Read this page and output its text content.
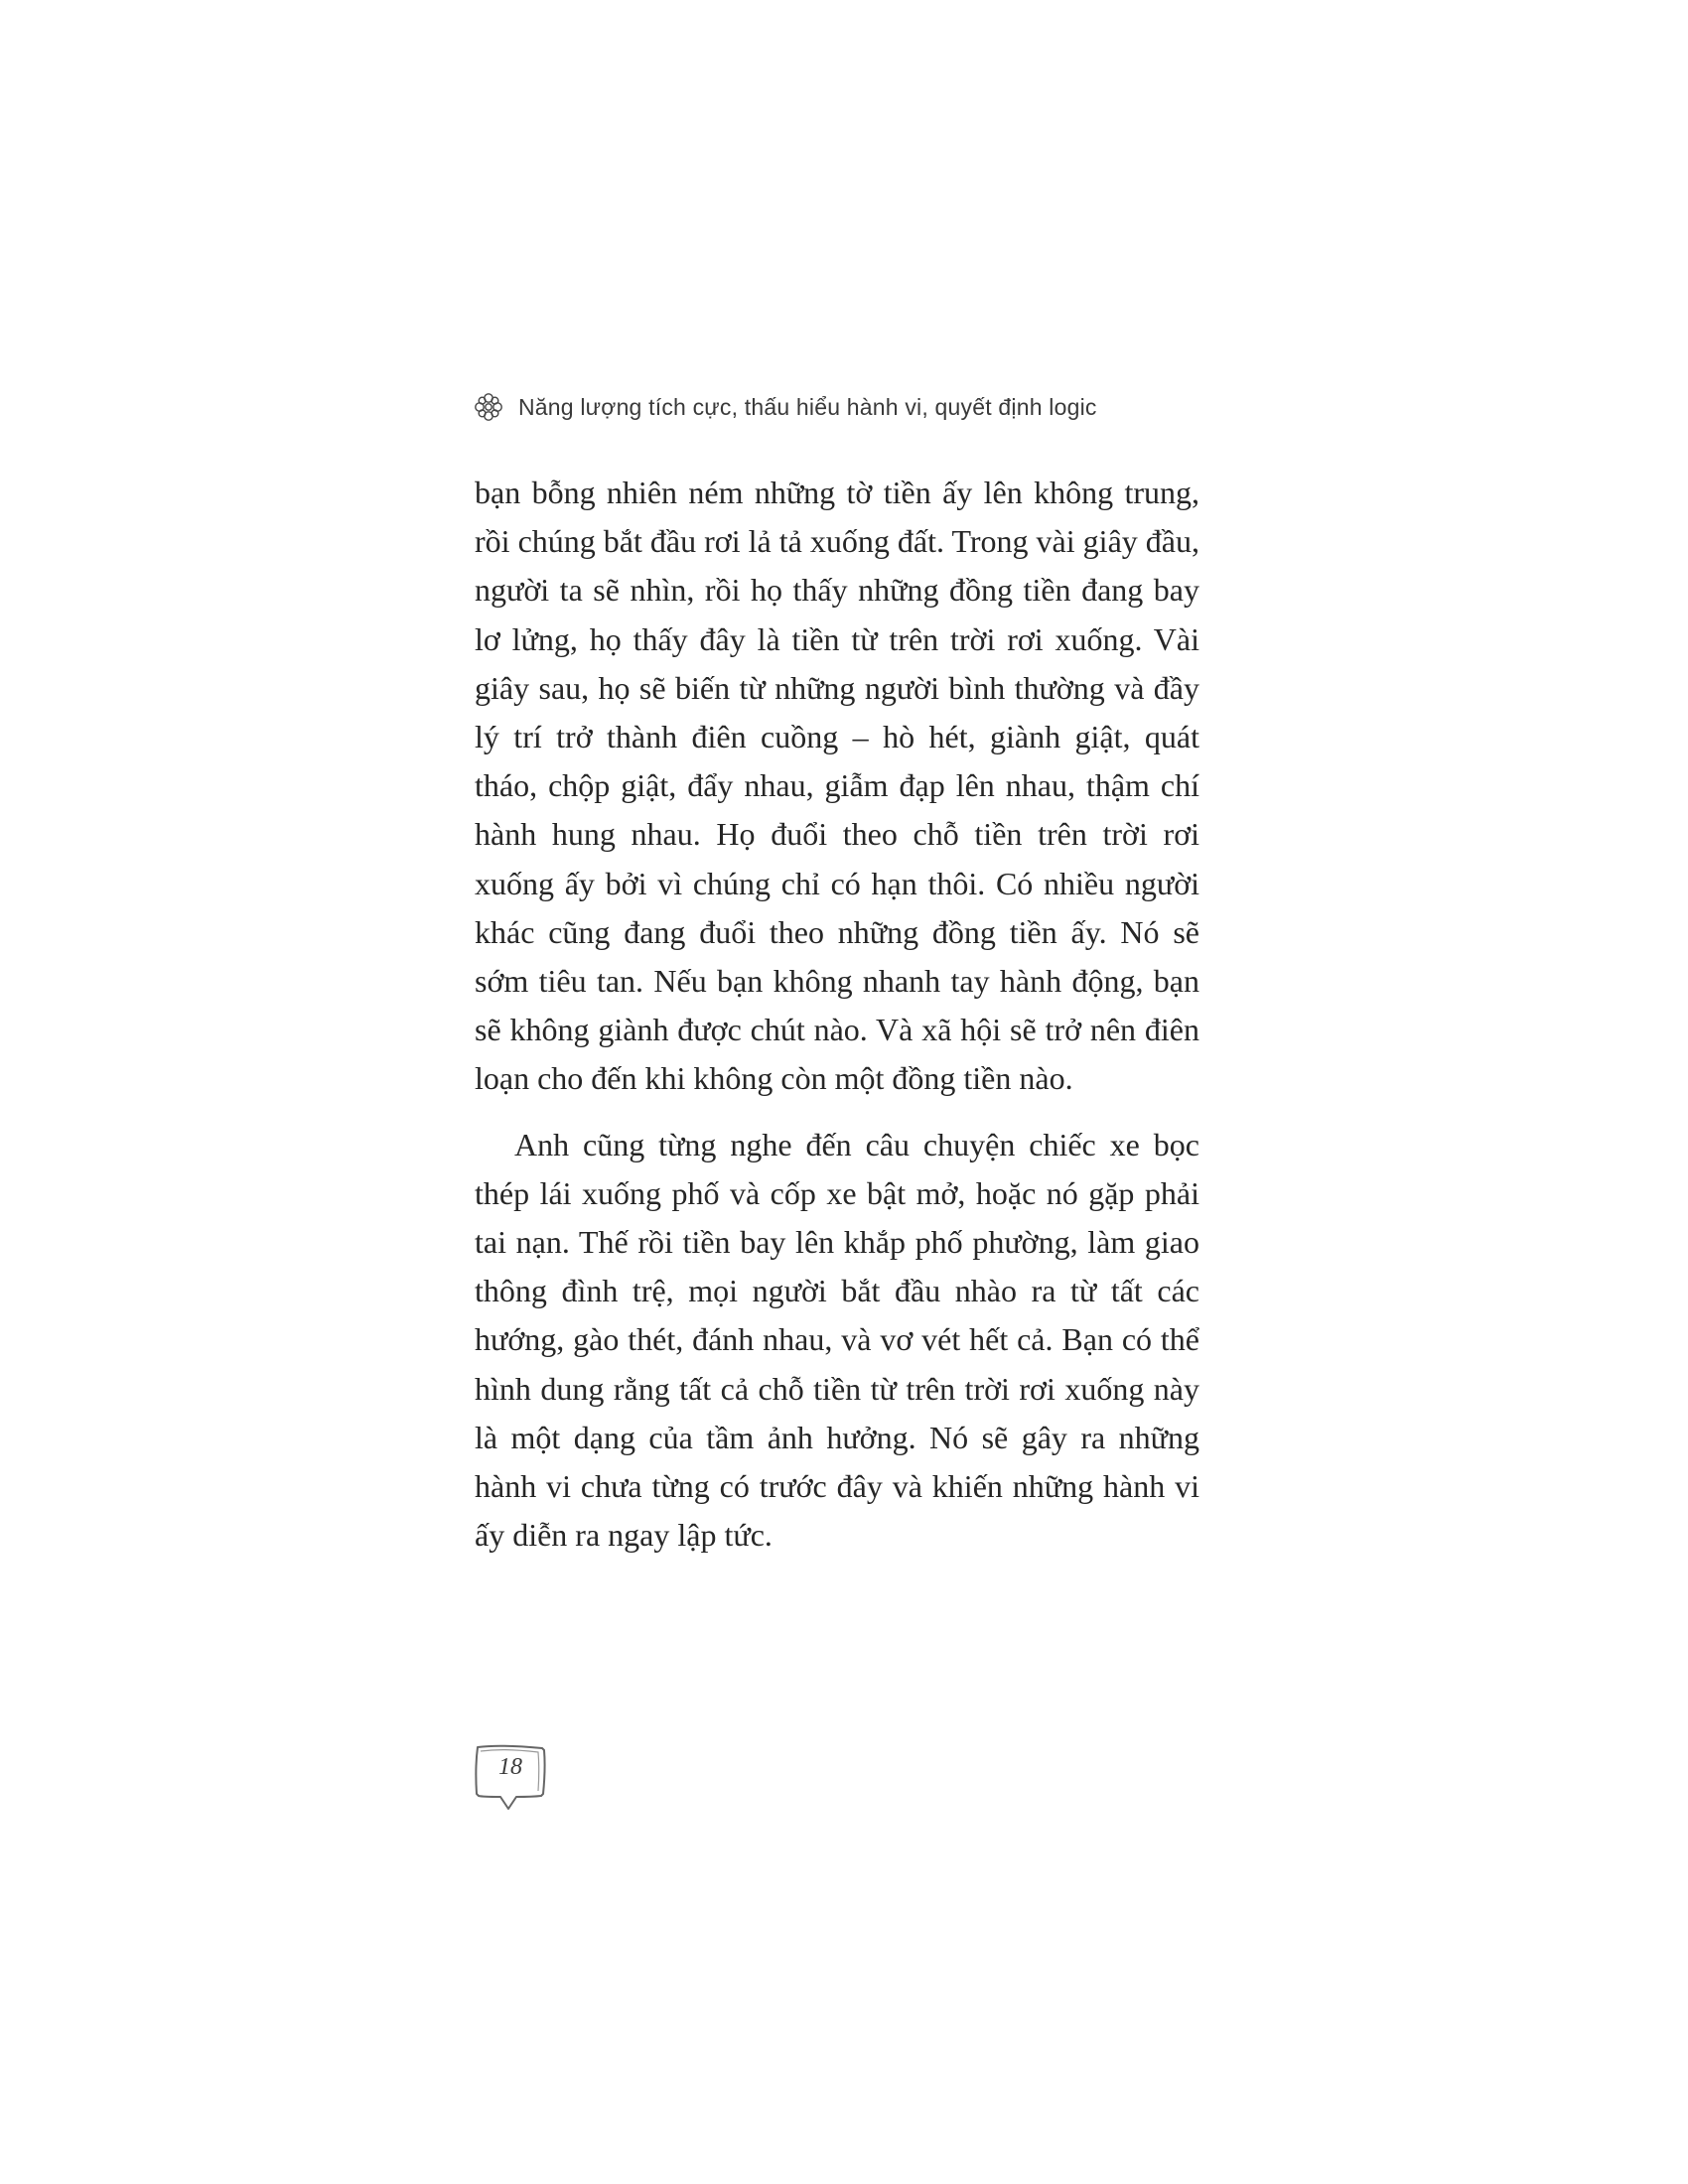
Năng lượng tích cực, thấu hiểu hành vi, quyết định logic

bạn bỗng nhiên ném những tờ tiền ấy lên không trung, rồi chúng bắt đầu rơi lả tả xuống đất. Trong vài giây đầu, người ta sẽ nhìn, rồi họ thấy những đồng tiền đang bay lơ lửng, họ thấy đây là tiền từ trên trời rơi xuống. Vài giây sau, họ sẽ biến từ những người bình thường và đầy lý trí trở thành điên cuồng – hò hét, giành giật, quát tháo, chộp giật, đẩy nhau, giẫm đạp lên nhau, thậm chí hành hung nhau. Họ đuổi theo chỗ tiền trên trời rơi xuống ấy bởi vì chúng chỉ có hạn thôi. Có nhiều người khác cũng đang đuổi theo những đồng tiền ấy. Nó sẽ sớm tiêu tan. Nếu bạn không nhanh tay hành động, bạn sẽ không giành được chút nào. Và xã hội sẽ trở nên điên loạn cho đến khi không còn một đồng tiền nào.

Anh cũng từng nghe đến câu chuyện chiếc xe bọc thép lái xuống phố và cốp xe bật mở, hoặc nó gặp phải tai nạn. Thế rồi tiền bay lên khắp phố phường, làm giao thông đình trệ, mọi người bắt đầu nhào ra từ tất các hướng, gào thét, đánh nhau, và vơ vét hết cả. Bạn có thể hình dung rằng tất cả chỗ tiền từ trên trời rơi xuống này là một dạng của tầm ảnh hưởng. Nó sẽ gây ra những hành vi chưa từng có trước đây và khiến những hành vi ấy diễn ra ngay lập tức.

18
